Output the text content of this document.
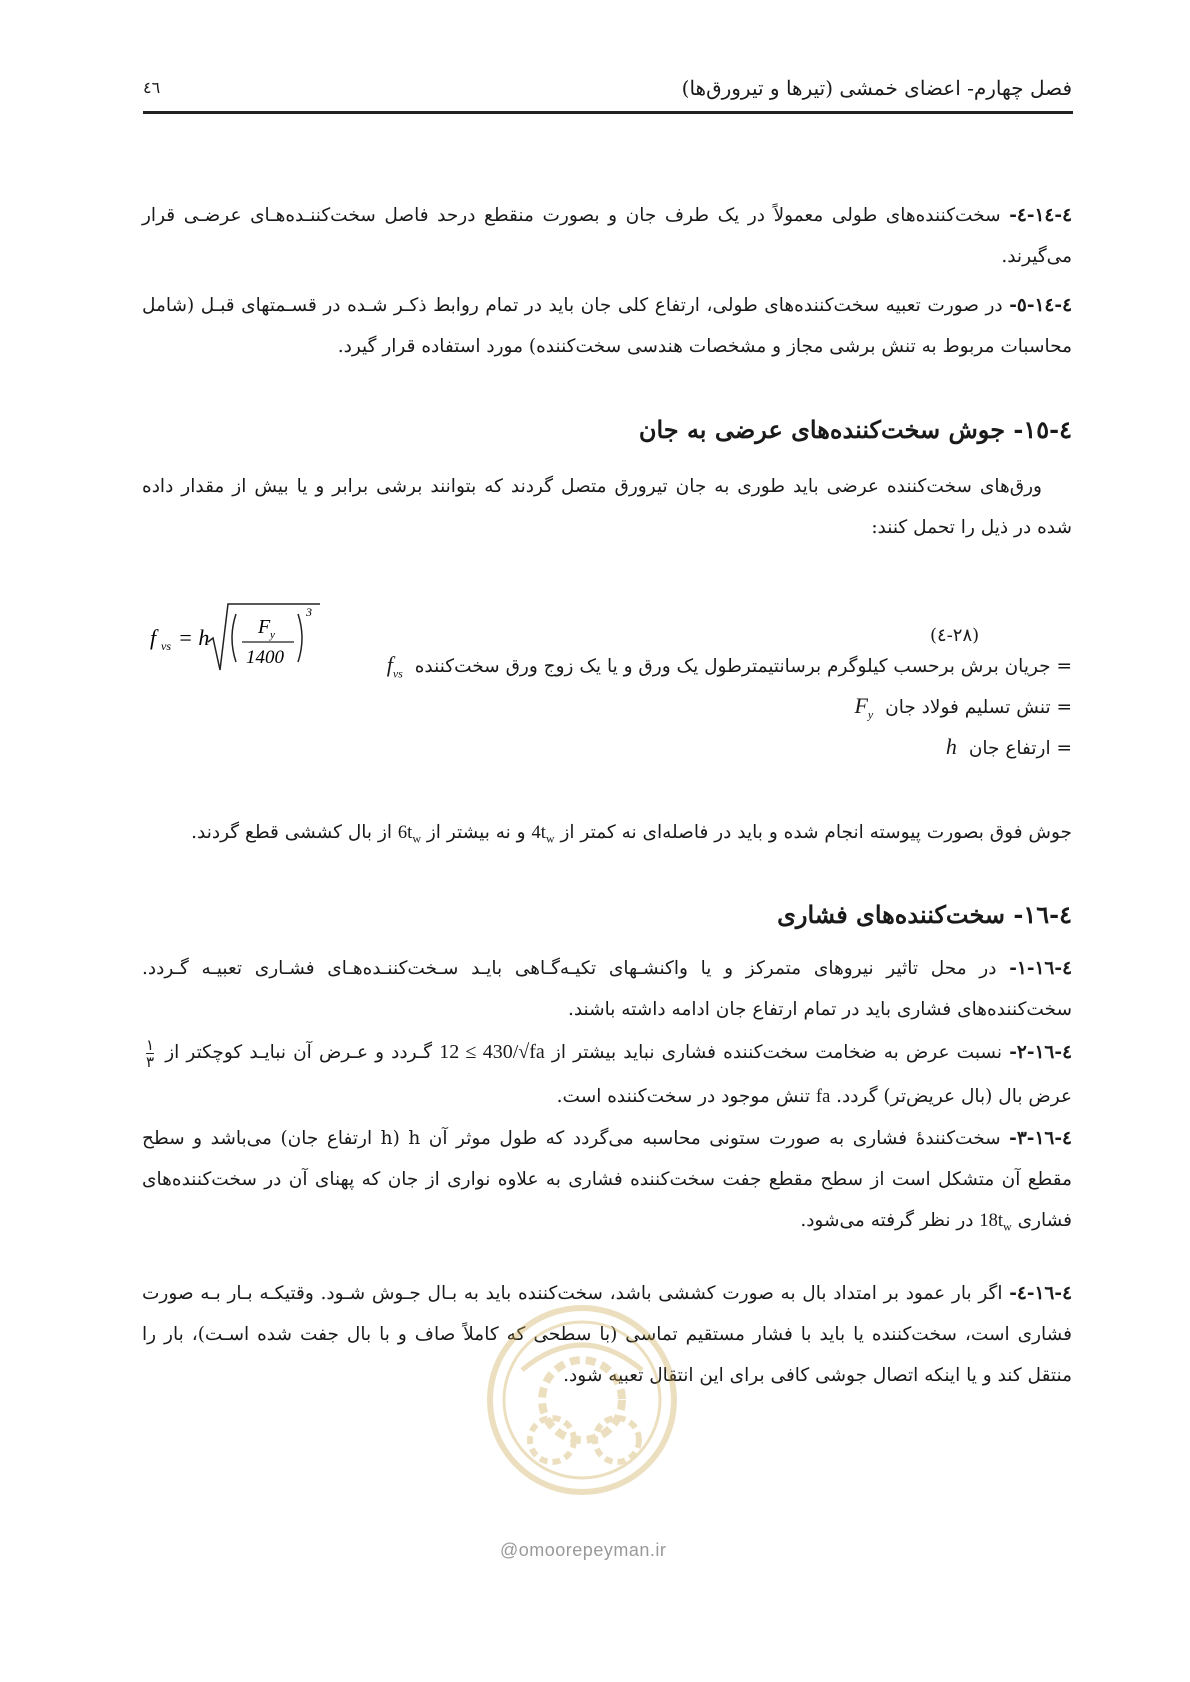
فصل چهارم- اعضای خمشی (تیرها و تیرورق‌ها)
٤٦
٤-١٤-٤- سخت‌کننده‌های طولی معمولاً در یک طرف جان و بصورت منقطع درحد فاصل سخت‌کننـده‌هـای عرضـی قرار می‌گیرند.
٤-١٤-٥- در صورت تعبیه سخت‌کننده‌های طولی، ارتفاع کلی جان باید در تمام روابط ذکـر شـده در قسـمتهای قبـل (شامل محاسبات مربوط به تنش برشی مجاز و مشخصات هندسی سخت‌کننده) مورد استفاده قرار گیرد.
٤-١٥- جوش سخت‌کننده‌های عرضی به جان
ورق‌های سخت‌کننده عرضی باید طوری به جان تیرورق متصل گردند که بتوانند برشی برابر و یا بیش از مقدار داده شده در ذیل را تحمل کنند:
f vs = h F y
1400
3
(٢٨-٤)
= جریان برش برحسب کیلوگرم برسانتیمترطول یک ورق و یا یک زوج ورق سخت‌کننده $f_{vs}$
= تنش تسلیم فولاد جان $F_y$
= ارتفاع جان h
جوش فوق بصورت پیوسته انجام شده و باید در فاصله‌ای نه کمتر از $4t_w$ و نه بیشتر از $6t_w$ از بال کششی قطع گردند.
٤-١٦- سخت‌کننده‌های فشاری
٤-١٦-١- در محل تاثیر نیروهای متمرکز و یا واکنشـهای تکیـه‌گـاهی بایـد سـخت‌کننـده‌هـای فشـاری تعبیـه گـردد. سخت‌کننده‌های فشاری باید در تمام ارتفاع جان ادامه داشته باشند.
٤-١٦-٢- نسبت عرض به ضخامت سخت‌کننده فشاری نباید بیشتر از 12 ≤ 430/√fa گـردد و عـرض آن نبایـد کوچکتر از
$\frac{١}{٣}$
عرض بال (بال عریض‌تر) گردد. fa تنش موجود در سخت‌کننده است.
٤-١٦-٣- سخت‌کنندهٔ فشاری به صورت ستونی محاسبه می‌گردد که طول موثر آن h (h ارتفاع جان) می‌باشد و سطح مقطع آن متشکل است از سطح مقطع جفت سخت‌کننده فشاری به علاوه نواری از جان که پهنای آن در سخت‌کننده‌های فشاری $18t_w$ در نظر گرفته می‌شود.
٤-١٦-٤- اگر بار عمود بر امتداد بال به صورت کششی باشد، سخت‌کننده باید به بـال جـوش شـود. وقتیکـه بـار بـه صورت فشاری است، سخت‌کننده یا باید با فشار مستقیم تماسی (با سطحی که کاملاً صاف و با بال جفت شده اسـت)، بار را منتقل کند و یا اینکه اتصال جوشی کافی برای این انتقال تعبیه شود.
@omoorepeyman.ir
